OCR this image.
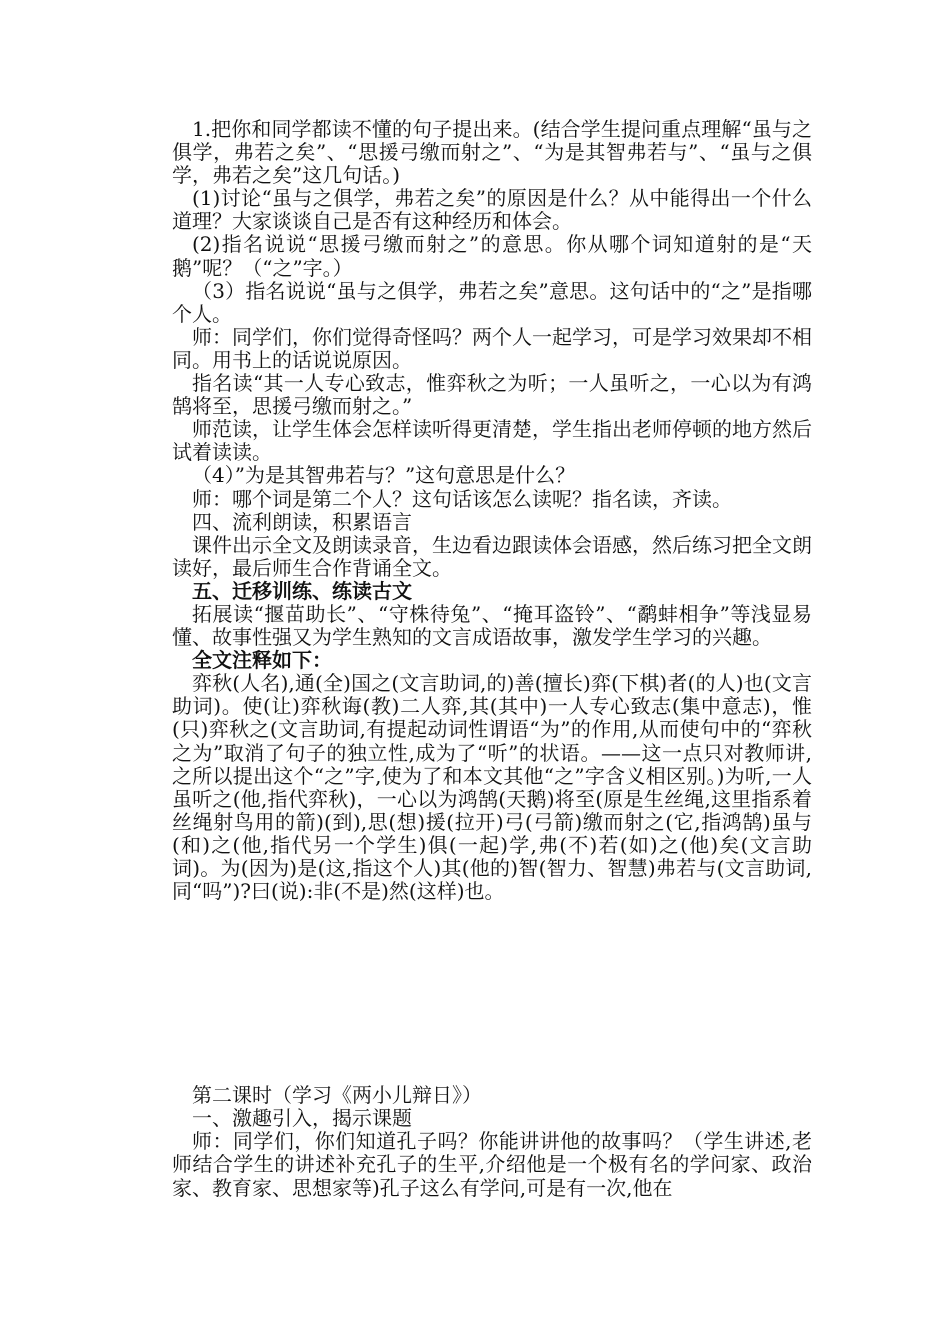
1.把你和同学都读不懂的句子提出来。(结合学生提问重点理解“虽与之俱学，弗若之矣”、“思援弓缴而射之”、“为是其智弗若与”、“虽与之俱学，弗若之矣”这几句话。)

(1)讨论“虽与之俱学，弗若之矣”的原因是什么？从中能得出一个什么道理？大家谈谈自己是否有这种经历和体会。

(2)指名说说“思援弓缴而射之”的意思。你从哪个词知道射的是“天鹅”呢？（“之”字。）

（3）指名说说“虽与之俱学，弗若之矣”意思。这句话中的“之”是指哪个人。

师：同学们，你们觉得奇怪吗？两个人一起学习，可是学习效果却不相同。用书上的话说说原因。

指名读“其一人专心致志，惟弈秋之为听；一人虽听之，一心以为有鸿鹄将至，思援弓缴而射之。”

师范读，让学生体会怎样读听得更清楚，学生指出老师停顿的地方然后试着读读。

（4）”为是其智弗若与？”这句意思是什么？

师：哪个词是第二个人？这句话该怎么读呢？指名读，齐读。

四、流利朗读，积累语言

课件出示全文及朗读录音，生边看边跟读体会语感，然后练习把全文朗读好，最后师生合作背诵全文。

五、迁移训练、练读古文

拓展读“揠苗助长”、“守株待兔”、“掩耳盗铃”、“鹬蚌相争”等浅显易懂、故事性强又为学生熟知的文言成语故事，激发学生学习的兴趣。

全文注释如下：

弈秋(人名),通(全)国之(文言助词,的)善(擅长)弈(下棋)者(的人)也(文言助词)。使(让)弈秋诲(教)二人弈,其(其中)一人专心致志(集中意志)，惟(只)弈秋之(文言助词,有提起动词性谓语“为”的作用,从而使句中的“弈秋之为”取消了句子的独立性,成为了“听”的状语。——这一点只对教师讲,之所以提出这个“之”字,使为了和本文其他“之”字含义相区别。)为听,一人虽听之(他,指代弈秋)，一心以为鸿鹄(天鹅)将至(原是生丝绳,这里指系着丝绳射鸟用的箭)(到),思(想)援(拉开)弓(弓箭)缴而射之(它,指鸿鹄)虽与(和)之(他,指代另一个学生)俱(一起)学,弗(不)若(如)之(他)矣(文言助词)。为(因为)是(这,指这个人)其(他的)智(智力、智慧)弗若与(文言助词,同“吗”)?曰(说):非(不是)然(这样)也。

第二课时（学习《两小儿辩日》）

一、激趣引入，揭示课题

师：同学们，你们知道孔子吗？你能讲讲他的故事吗？（学生讲述,老师结合学生的讲述补充孔子的生平,介绍他是一个极有名的学问家、政治家、教育家、思想家等)孔子这么有学问,可是有一次,他在
